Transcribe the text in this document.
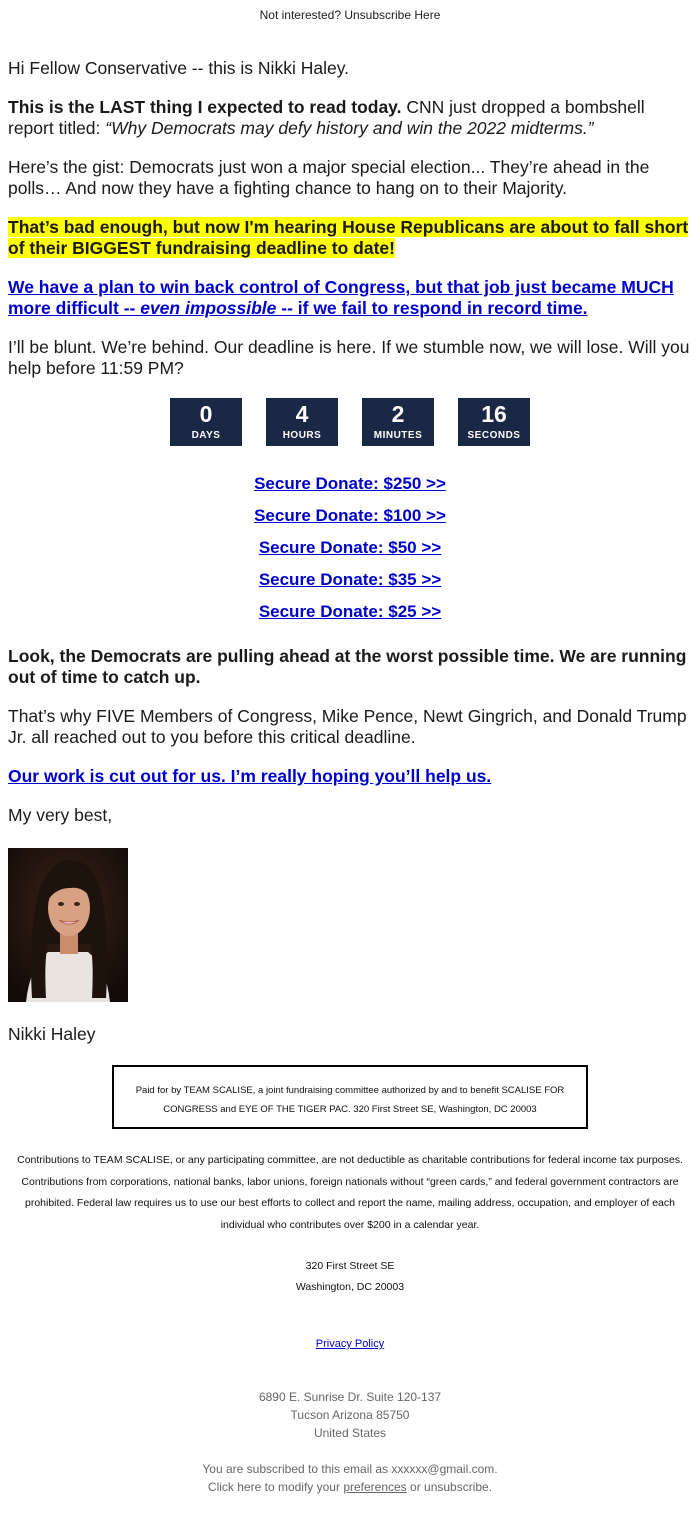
Not interested? Unsubscribe Here

Hi Fellow Conservative -- this is Nikki Haley.

This is the LAST thing I expected to read today. CNN just dropped a bombshell report titled: “Why Democrats may defy history and win the 2022 midterms.”

Here’s the gist: Democrats just won a major special election... They’re ahead in the polls… And now they have a fighting chance to hang on to their Majority.

That’s bad enough, but now I'm hearing House Republicans are about to fall short of their BIGGEST fundraising deadline to date!

We have a plan to win back control of Congress, but that job just became MUCH more difficult -- even impossible -- if we fail to respond in record time.

I’ll be blunt. We’re behind. Our deadline is here. If we stumble now, we will lose. Will you help before 11:59 PM?

0
DAYS
4
HOURS
2
MINUTES
16
SECONDS
Secure Donate: $250 >>
Secure Donate: $100 >>
Secure Donate: $50 >>
Secure Donate: $35 >>
Secure Donate: $25 >>

Look, the Democrats are pulling ahead at the worst possible time. We are running out of time to catch up.

That’s why FIVE Members of Congress, Mike Pence, Newt Gingrich, and Donald Trump Jr. all reached out to you before this critical deadline.

Our work is cut out for us. I’m really hoping you’ll help us.

My very best,

Nikki Haley

Paid for by TEAM SCALISE, a joint fundraising committee authorized by and to benefit SCALISE FOR CONGRESS and EYE OF THE TIGER PAC. 320 First Street SE, Washington, DC 20003
Contributions to TEAM SCALISE, or any participating committee, are not deductible as charitable contributions for federal income tax purposes. Contributions from corporations, national banks, labor unions, foreign nationals without “green cards,” and federal government contractors are prohibited. Federal law requires us to use our best efforts to collect and report the name, mailing address, occupation, and employer of each individual who contributes over $200 in a calendar year.
320 First Street SE
Washington, DC 20003
Privacy Policy
6890 E. Sunrise Dr. Suite 120-137
Tucson Arizona 85750
United States
You are subscribed to this email as xxxxxx@gmail.com.
Click here to modify your preferences or unsubscribe.
